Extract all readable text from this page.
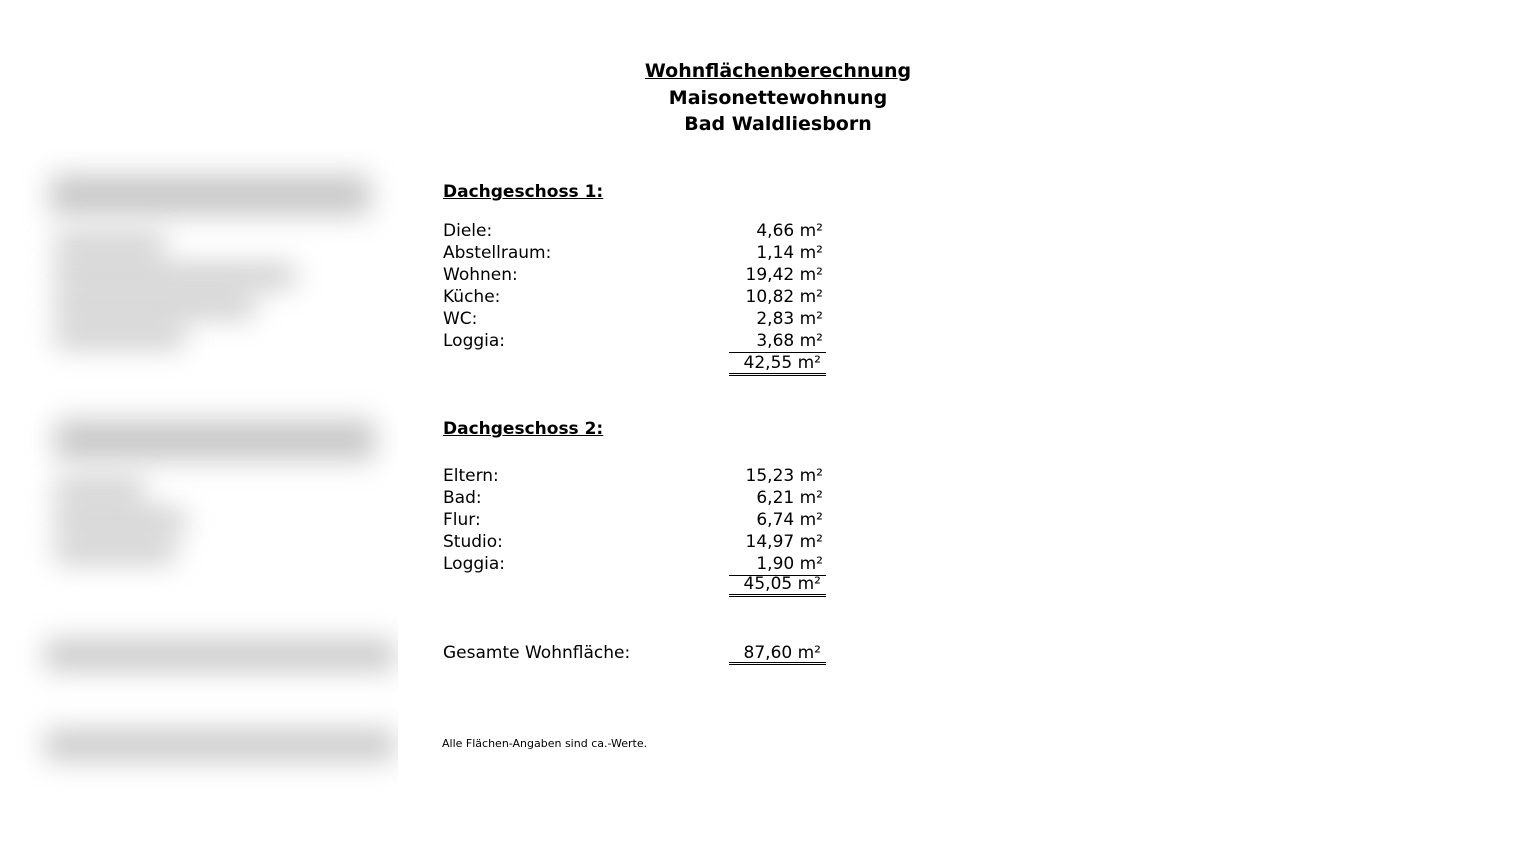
Wohnflächenberechnung
Maisonettewohnung
Bad Waldliesborn
Dachgeschoss 1:
Diele:	4,66 m²
Abstellraum:	1,14 m²
Wohnen:	19,42 m²
Küche:	10,82 m²
WC:	2,83 m²
Loggia:	3,68 m²
42,55 m²
Dachgeschoss 2:
Eltern:	15,23 m²
Bad:	6,21 m²
Flur:	6,74 m²
Studio:	14,97 m²
Loggia:	1,90 m²
45,05 m²
Gesamte Wohnfläche:	87,60 m²
Alle Flächen-Angaben sind ca.-Werte.
